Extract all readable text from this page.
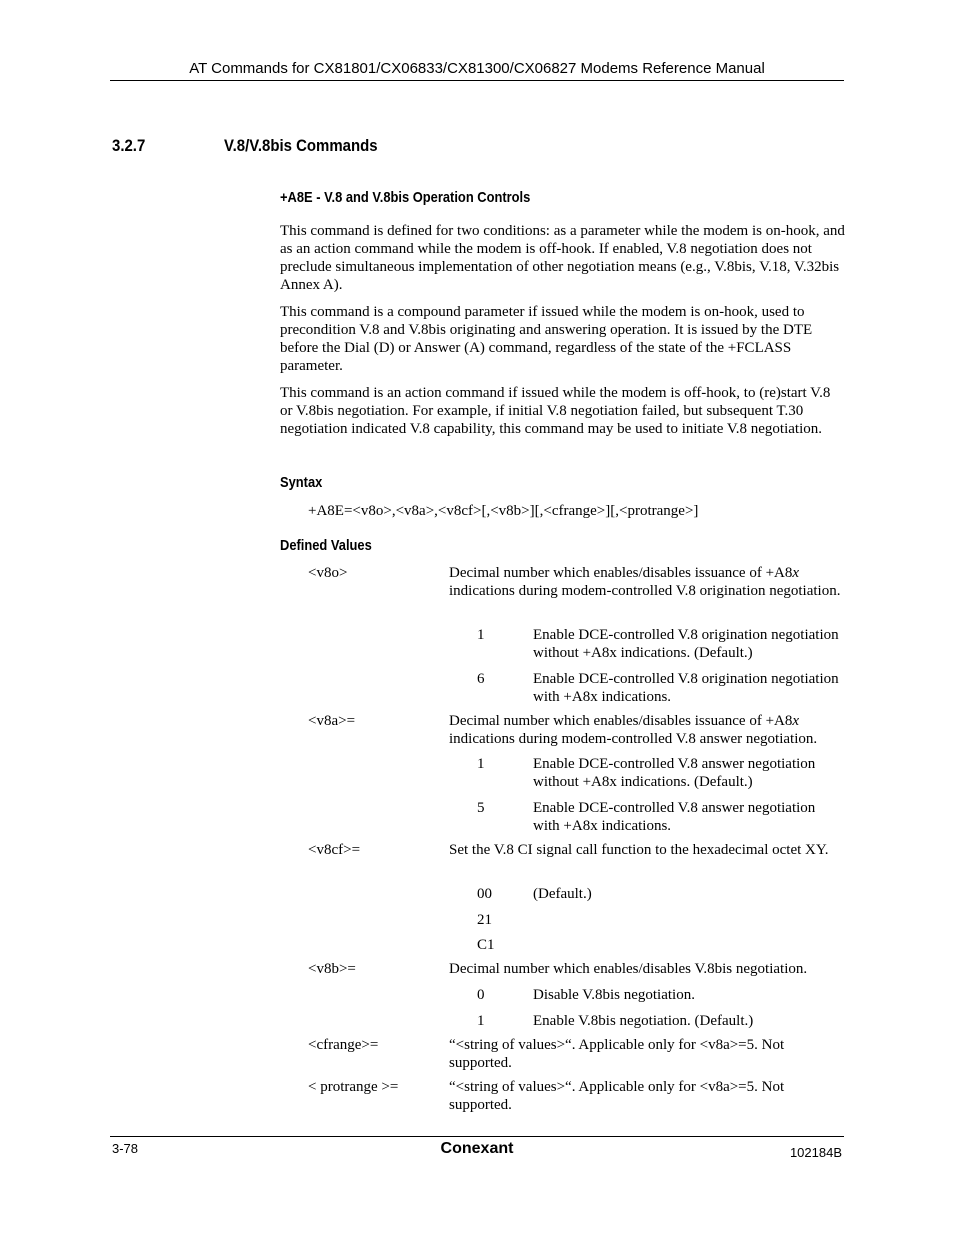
AT Commands for CX81801/CX06833/CX81300/CX06827 Modems Reference Manual
3.2.7	V.8/V.8bis Commands
+A8E - V.8 and V.8bis Operation Controls
This command is defined for two conditions: as a parameter while the modem is on-hook, and as an action command while the modem is off-hook. If enabled, V.8 negotiation does not preclude simultaneous implementation of other negotiation means (e.g., V.8bis, V.18, V.32bis Annex A).
This command is a compound parameter if issued while the modem is on-hook, used to precondition V.8 and V.8bis originating and answering operation. It is issued by the DTE before the Dial (D) or Answer (A) command, regardless of the state of the +FCLASS parameter.
This command is an action command if issued while the modem is off-hook, to (re)start V.8 or V.8bis negotiation. For example, if initial V.8 negotiation failed, but subsequent T.30 negotiation indicated V.8 capability, this command may be used to initiate V.8 negotiation.
Syntax
+A8E=<v8o>,<v8a>,<v8cf>[,<v8b>][,<cfrange>][,<protrange>]
Defined Values
<v8o>	Decimal number which enables/disables issuance of +A8x indications during modem-controlled V.8 origination negotiation.
1	Enable DCE-controlled V.8 origination negotiation without +A8x indications. (Default.)
6	Enable DCE-controlled V.8 origination negotiation with +A8x indications.
<v8a>=	Decimal number which enables/disables issuance of +A8x indications during modem-controlled V.8 answer negotiation.
1	Enable DCE-controlled V.8 answer negotiation without +A8x indications. (Default.)
5	Enable DCE-controlled V.8 answer negotiation with +A8x indications.
<v8cf>=	Set the V.8 CI signal call function to the hexadecimal octet XY.
00	(Default.)
21
C1
<v8b>=	Decimal number which enables/disables V.8bis negotiation.
0	Disable V.8bis negotiation.
1	Enable V.8bis negotiation. (Default.)
<cfrange>=	“<string of values>“. Applicable only for <v8a>=5. Not supported.
< protrange >=	“<string of values>“. Applicable only for <v8a>=5. Not supported.
3-78	Conexant	102184B
